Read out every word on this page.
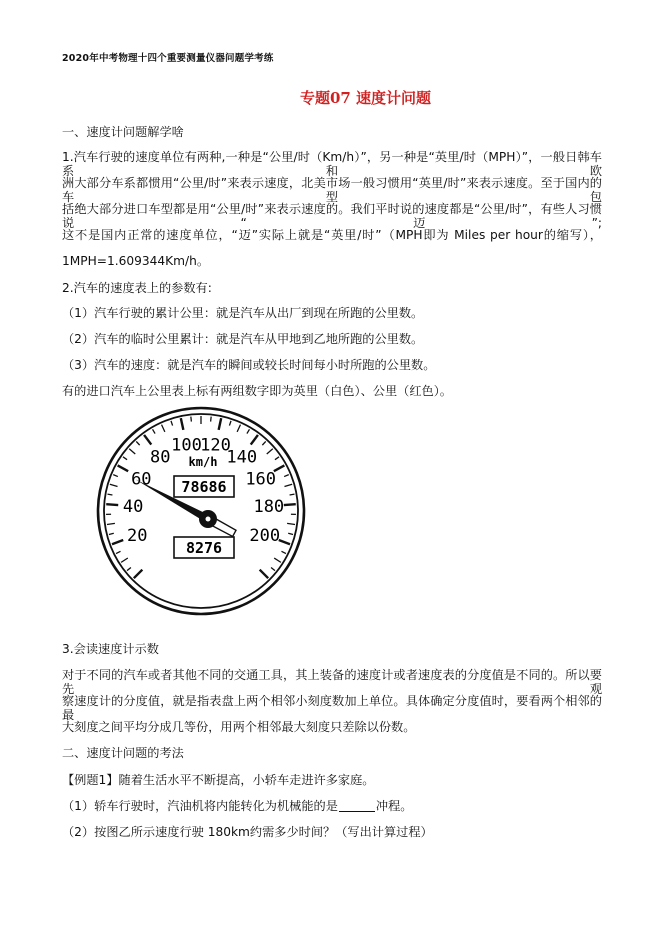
2020年中考物理十四个重要测量仪器问题学考练
专题07 速度计问题
一、速度计问题解学啥
1.汽车行驶的速度单位有两种,一种是“公里/时（Km/h）”，另一种是“英里/时（MPH）”，一般日韩车系和欧
洲大部分车系都惯用“公里/时”来表示速度，北美市场一般习惯用“英里/时”来表示速度。至于国内的车型包
括绝大部分进口车型都是用“公里/时”来表示速度的。我们平时说的速度都是“公里/时”，有些人习惯说“迈”;
这不是国内正常的速度单位，“迈”实际上就是“英里/时”（MPH即为 Miles per hour的缩写），
1MPH=1.609344Km/h。
2.汽车的速度表上的参数有:
（1）汽车行驶的累计公里：就是汽车从出厂到现在所跑的公里数。
（2）汽车的临时公里累计：就是汽车从甲地到乙地所跑的公里数。
（3）汽车的速度：就是汽车的瞬间或较长时间每小时所跑的公里数。
有的进口汽车上公里表上标有两组数字即为英里（白色）、公里（红色）。
20
40
60
80
100
120
140
160
180
200
km/h
78686
8276
3.会读速度计示数
对于不同的汽车或者其他不同的交通工具，其上装备的速度计或者速度表的分度值是不同的。所以要先观
察速度计的分度值，就是指表盘上两个相邻小刻度数加上单位。具体确定分度值时，要看两个相邻的最
大刻度之间平均分成几等份，用两个相邻最大刻度只差除以份数。
二、速度计问题的考法
【例题1】随着生活水平不断提高，小轿车走进许多家庭。
（1）轿车行驶时，汽油机将内能转化为机械能的是	冲程。
（2）按图乙所示速度行驶 180km约需多少时间？（写出计算过程）
